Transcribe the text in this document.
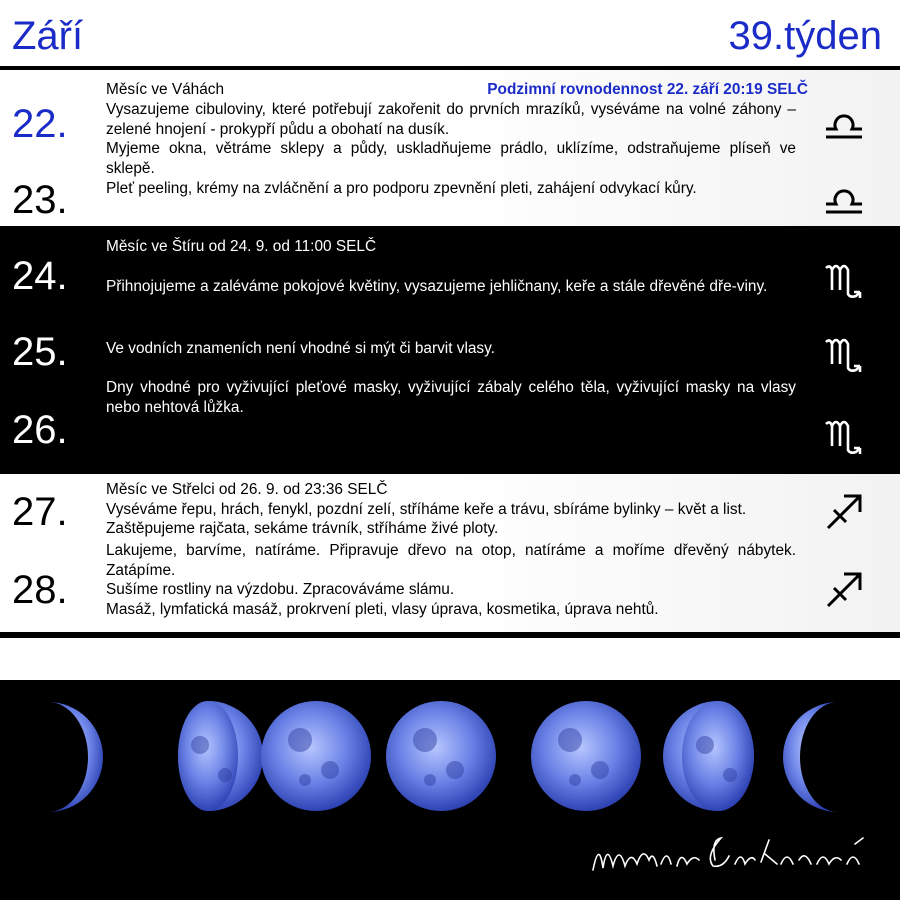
Září	39.týden
Měsíc ve Váhách	Podzimní rovnodennost 22. září 20:19 SELČ
22. Vysazujeme cibuloviny, které potřebují zakořenit do prvních mrazíků, vyséváme na volné záhony – zelené hnojení - prokypří půdu a obohatí na dusík.
Myjeme okna, větráme sklepy a půdy, uskladňujeme prádlo, uklízíme, odstraňujeme plíseň ve sklepě.
23. Pleť peeling, krémy na zvláčnění a pro podporu zpevnění pleti, zahájení odvykací kůry.
Měsíc ve Štíru od 24. 9. od 11:00 SELČ
24. Přihnojujeme a zaléváme pokojové květiny, vysazujeme jehličnany, keře a stále dřevěné dře-viny.
25. Ve vodních znameních není vhodné si mýt či barvit vlasy.
Dny vhodné pro vyživující pleťové masky, vyživující zábaly celého těla, vyživující masky na vlasy nebo nehtová lůžka.
26.
Měsíc ve Střelci od 26. 9. od 23:36 SELČ
27. Vyséváme řepu, hrách, fenykl, pozdní zelí, stříháme keře a trávu, sbíráme bylinky – květ a list.
Zaštěpujeme rajčata, sekáme trávník, stříháme živé ploty.
Lakujeme, barvíme, natíráme. Připravuje dřevo na otop, natíráme a moříme dřevěný nábytek. Zatápíme.
28. Sušíme rostliny na výzdobu. Zpracováváme slámu.
Masáž, lymfatická masáž, prokrvení pleti, vlasy úprava, kosmetika, úprava nehtů.
